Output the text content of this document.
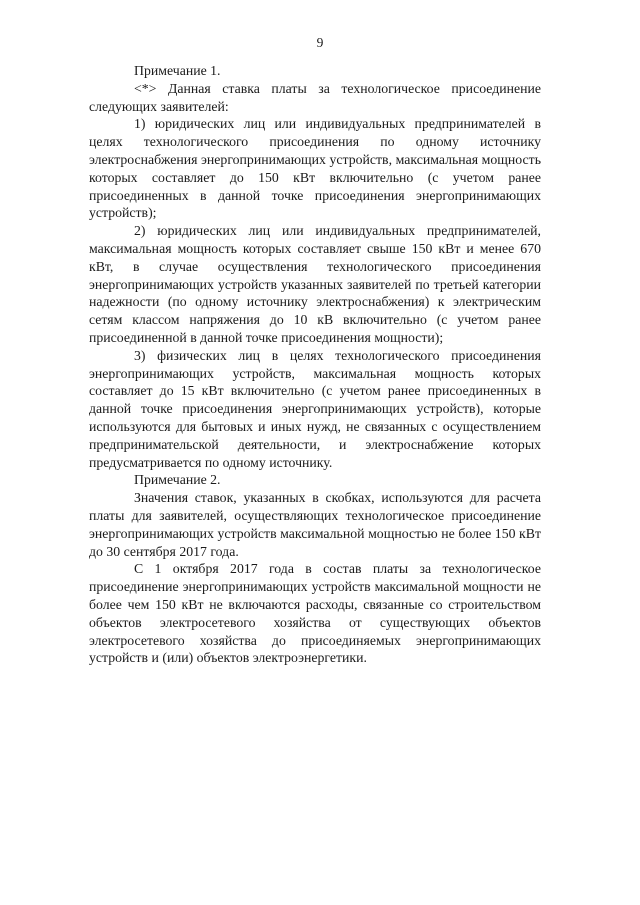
9

Примечание 1.

<*> Данная ставка платы за технологическое присоединение следующих заявителей:

1) юридических лиц или индивидуальных предпринимателей в целях технологического присоединения по одному источнику электроснабжения энергопринимающих устройств, максимальная мощность которых составляет до 150 кВт включительно (с учетом ранее присоединенных в данной точке присоединения энергопринимающих устройств);

2) юридических лиц или индивидуальных предпринимателей, максимальная мощность которых составляет свыше 150 кВт и менее 670 кВт, в случае осуществления технологического присоединения энергопринимающих устройств указанных заявителей по третьей категории надежности (по одному источнику электроснабжения) к электрическим сетям классом напряжения до 10 кВ включительно (с учетом ранее присоединенной в данной точке присоединения мощности);

3) физических лиц в целях технологического присоединения энергопринимающих устройств, максимальная мощность которых составляет до 15 кВт включительно (с учетом ранее присоединенных в данной точке присоединения энергопринимающих устройств), которые используются для бытовых и иных нужд, не связанных с осуществлением предпринимательской деятельности, и электроснабжение которых предусматривается по одному источнику.

Примечание 2.

Значения ставок, указанных в скобках, используются для расчета платы для заявителей, осуществляющих технологическое присоединение энергопринимающих устройств максимальной мощностью не более 150 кВт до 30 сентября 2017 года.

С 1 октября 2017 года в состав платы за технологическое присоединение энергопринимающих устройств максимальной мощности не более чем 150 кВт не включаются расходы, связанные со строительством объектов электросетевого хозяйства от существующих объектов электросетевого хозяйства до присоединяемых энергопринимающих устройств и (или) объектов электроэнергетики.
